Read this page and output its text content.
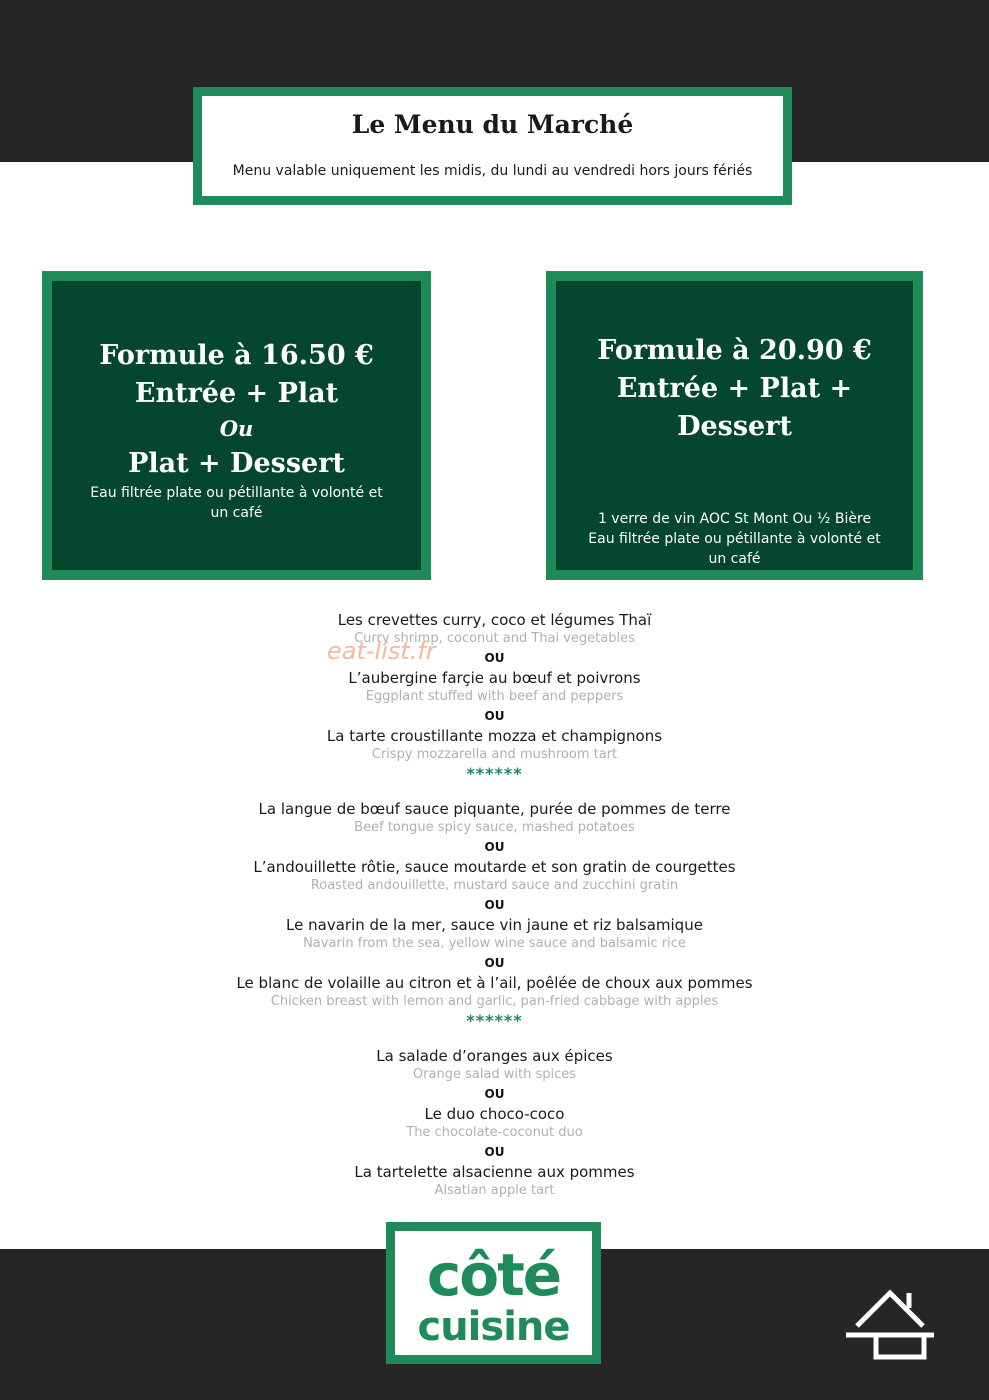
Le Menu du Marché
Menu valable uniquement les midis, du lundi au vendredi hors jours fériés
Formule à 16.50 €
Entrée + Plat
Ou
Plat + Dessert
Eau filtrée plate ou pétillante à volonté et
un café
Formule à 20.90 €
Entrée + Plat + Dessert
1 verre de vin AOC St Mont Ou ½ Bière
Eau filtrée plate ou pétillante à volonté et
un café
Les crevettes curry, coco et légumes Thaï
Curry shrimp, coconut and Thai vegetables
OU
L’aubergine farçie au bœuf et poivrons
Eggplant stuffed with beef and peppers
OU
La tarte croustillante mozza et champignons
Crispy mozzarella and mushroom tart
******
La langue de bœuf sauce piquante, purée de pommes de terre
Beef tongue spicy sauce, mashed potatoes
OU
L’andouillette rôtie, sauce moutarde et son gratin de courgettes
Roasted andouillette, mustard sauce and zucchini gratin
OU
Le navarin de la mer, sauce vin jaune et riz balsamique
Navarin from the sea, yellow wine sauce and balsamic rice
OU
Le blanc de volaille au citron et à l’ail, poêlée de choux aux pommes
Chicken breast with lemon and garlic, pan-fried cabbage with apples
******
La salade d’oranges aux épices
Orange salad with spices
OU
Le duo choco-coco
The chocolate-coconut duo
OU
La tartelette alsacienne aux pommes
Alsatian apple tart
eat-list.fr
côté
cuisine
